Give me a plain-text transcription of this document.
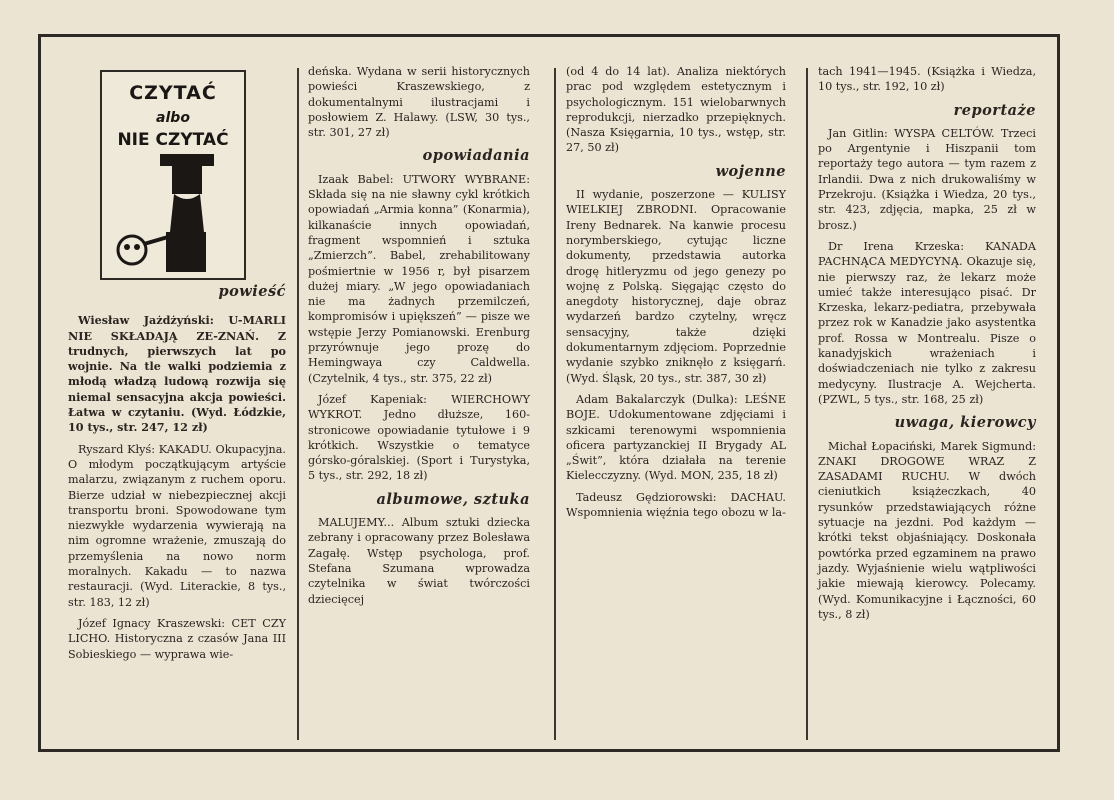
CZYTAĆ
albo
NIE CZYTAĆ
powieść

Wiesław Jażdżyński: U-MARLI NIE SKŁADAJĄ ZE-ZNAŃ. Z trudnych, pierwszych lat po wojnie. Na tle walki podziemia z młodą władzą ludową rozwija się niemal sensacyjna akcja powieści. Łatwa w czytaniu. (Wyd. Łódzkie, 10 tys., str. 247, 12 zł)

Ryszard Kłyś: KAKADU. Okupacyjna. O młodym początkującym artyście malarzu, związanym z ruchem oporu. Bierze udział w niebezpiecznej akcji transportu broni. Spowodowane tym niezwykłe wydarzenia wywierają na nim ogromne wrażenie, zmuszają do przemyślenia na nowo norm moralnych. Kakadu — to nazwa restauracji. (Wyd. Literackie, 8 tys., str. 183, 12 zł)

Józef Ignacy Kraszewski: CET CZY LICHO. Historyczna z czasów Jana III Sobieskiego — wyprawa wie-

deńska. Wydana w serii historycznych powieści Kraszewskiego, z dokumentalnymi ilustracjami i posłowiem Z. Halawy. (LSW, 30 tys., str. 301, 27 zł)

opowiadania

Izaak Babel: UTWORY WYBRANE: Składa się na nie sławny cykl krótkich opowiadań „Armia konna” (Konarmia), kilkanaście innych opowiadań, fragment wspomnień i sztuka „Zmierzch”. Babel, zrehabilitowany pośmiertnie w 1956 r, był pisarzem dużej miary. „W jego opowiadaniach nie ma żadnych przemilczeń, kompromisów i upiększeń” — pisze we wstępie Jerzy Pomianowski. Erenburg przyrównuje jego prozę do Hemingwaya czy Caldwella. (Czytelnik, 4 tys., str. 375, 22 zł)

Józef Kapeniak: WIERCHOWY WYKROT. Jedno dłuższe, 160-stronicowe opowiadanie tytułowe i 9 krótkich. Wszystkie o tematyce górsko-góralskiej. (Sport i Turystyka, 5 tys., str. 292, 18 zł)

albumowe, sztuka

MALUJEMY... Album sztuki dziecka zebrany i opracowany przez Bolesława Zagałę. Wstęp psychologa, prof. Stefana Szumana wprowadza czytelnika w świat twórczości dziecięcej

(od 4 do 14 lat). Analiza niektórych prac pod względem estetycznym i psychologicznym. 151 wielobarwnych reprodukcji, nierzadko przepięknych. (Nasza Księgarnia, 10 tys., wstęp, str. 27, 50 zł)

wojenne

II wydanie, poszerzone — KULISY WIELKIEJ ZBRODNI. Opracowanie Ireny Bednarek. Na kanwie procesu norymberskiego, cytując liczne dokumenty, przedstawia autorka drogę hitleryzmu od jego genezy po wojnę z Polską. Sięgając często do anegdoty historycznej, daje obraz wydarzeń bardzo czytelny, wręcz sensacyjny, także dzięki dokumentarnym zdjęciom. Poprzednie wydanie szybko zniknęło z księgarń. (Wyd. Śląsk, 20 tys., str. 387, 30 zł)

Adam Bakalarczyk (Dulka): LEŚNE BOJE. Udokumentowane zdjęciami i szkicami terenowymi wspomnienia oficera partyzanckiej II Brygady AL „Świt”, która działała na terenie Kielecczyzny. (Wyd. MON, 235, 18 zł)

Tadeusz Gędziorowski: DACHAU. Wspomnienia więźnia tego obozu w la-

tach 1941—1945. (Książka i Wiedza, 10 tys., str. 192, 10 zł)

reportaże

Jan Gitlin: WYSPA CELTÓW. Trzeci po Argentynie i Hiszpanii tom reportaży tego autora — tym razem z Irlandii. Dwa z nich drukowaliśmy w Przekroju. (Książka i Wiedza, 20 tys., str. 423, zdjęcia, mapka, 25 zł w brosz.)

Dr Irena Krzeska: KANADA PACHNĄCA MEDYCYNĄ. Okazuje się, nie pierwszy raz, że lekarz może umieć także interesująco pisać. Dr Krzeska, lekarz-pediatra, przebywała przez rok w Kanadzie jako asystentka prof. Rossa w Montrealu. Pisze o kanadyjskich wrażeniach i doświadczeniach nie tylko z zakresu medycyny. Ilustracje A. Wejcherta. (PZWL, 5 tys., str. 168, 25 zł)

uwaga, kierowcy

Michał Łopaciński, Marek Sigmund: ZNAKI DROGOWE WRAZ Z ZASADAMI RUCHU. W dwóch cieniutkich książeczkach, 40 rysunków przedstawiających różne sytuacje na jezdni. Pod każdym — krótki tekst objaśniający. Doskonała powtórka przed egzaminem na prawo jazdy. Wyjaśnienie wielu wątpliwości jakie miewają kierowcy. Polecamy. (Wyd. Komunikacyjne i Łączności, 60 tys., 8 zł)
